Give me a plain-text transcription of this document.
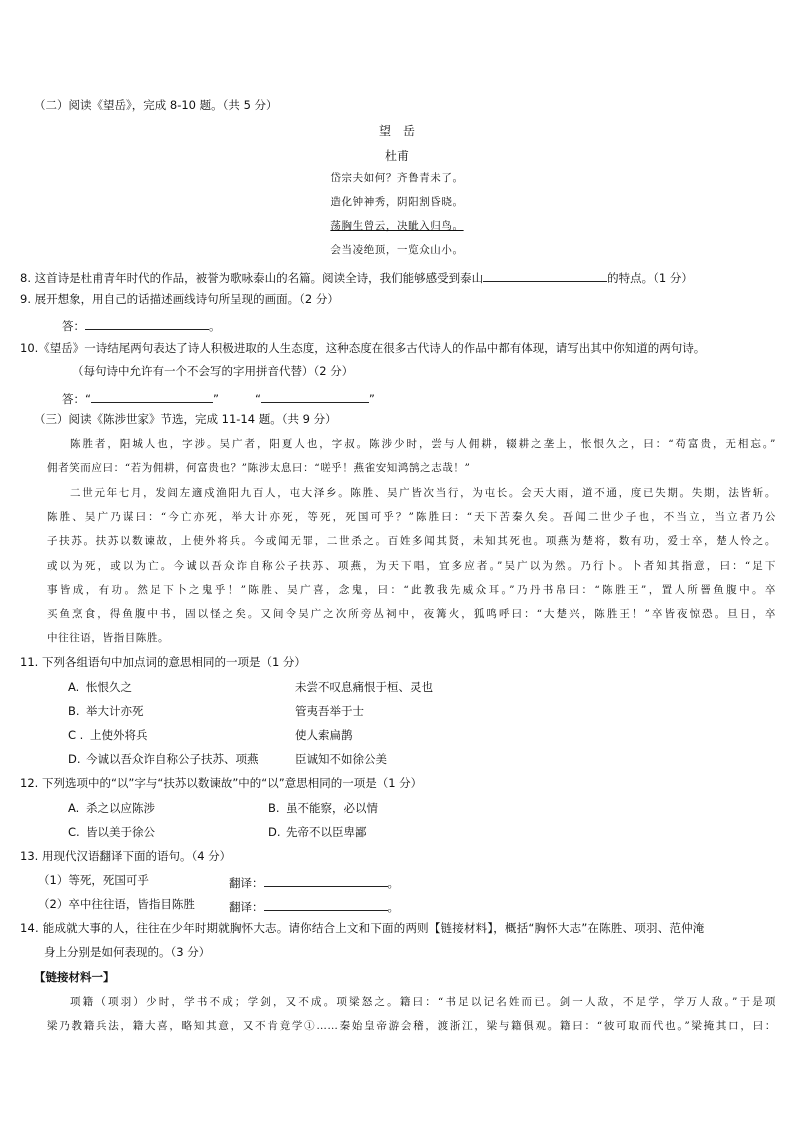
（二）阅读《望岳》，完成 8-10 题。（共 5 分）
望　岳
杜甫
岱宗夫如何？齐鲁青未了。
造化钟神秀，阴阳割昏晓。
荡胸生曾云，决眦入归鸟。
会当凌绝顶，一览众山小。
8. 这首诗是杜甫青年时代的作品，被誉为歌咏泰山的名篇。阅读全诗，我们能够感受到泰山	的特点。（1 分）
9. 展开想象，用自己的话描述画线诗句所呈现的画面。（2 分）
答：	。
10.《望岳》一诗结尾两句表达了诗人积极进取的人生态度，这种态度在很多古代诗人的作品中都有体现，请写出其中你知道的两句诗。
（每句诗中允许有一个不会写的字用拼音代替）（2 分）
答：“	”	“	”
（三）阅读《陈涉世家》节选，完成 11-14 题。（共 9 分）
陈胜者，阳城人也，字涉。吴广者，阳夏人也，字叔。陈涉少时，尝与人佣耕，辍耕之垄上，怅恨久之，曰：“苟富贵，无相忘。”
佣者笑而应曰：“若为佣耕，何富贵也？”陈涉太息曰：“嗟乎！燕雀安知鸿鹄之志哉！”
二世元年七月，发闾左適戍渔阳九百人，屯大泽乡。陈胜、吴广皆次当行，为屯长。会天大雨，道不通，度已失期。失期，法皆斩。
陈胜、吴广乃谋曰：“今亡亦死，举大计亦死，等死，死国可乎？”陈胜曰：“天下苦秦久矣。吾闻二世少子也，不当立，当立者乃公
子扶苏。扶苏以数谏故，上使外将兵。今或闻无罪，二世杀之。百姓多闻其贤，未知其死也。项燕为楚将，数有功，爱士卒，楚人怜之。
或以为死，或以为亡。今诚以吾众诈自称公子扶苏、项燕，为天下唱，宜多应者。”吴广以为然。乃行卜。卜者知其指意，曰：“足下
事皆成，有功。然足下卜之鬼乎！”陈胜、吴广喜，念鬼，曰：“此教我先威众耳。”乃丹书帛曰：“陈胜王”，置人所罾鱼腹中。卒
买鱼烹食，得鱼腹中书，固以怪之矣。又间令吴广之次所旁丛祠中，夜篝火，狐鸣呼曰：“大楚兴，陈胜王！”卒皆夜惊恐。旦日，卒
中往往语，皆指目陈胜。
11. 下列各组语句中加点词的意思相同的一项是（1 分）
A. 怅恨久之	未尝不叹息痛恨于桓、灵也
B. 举大计亦死	管夷吾举于士
C . 上使外将兵	使人索扁鹊
D. 今诚以吾众诈自称公子扶苏、项燕	臣诚知不如徐公美
12. 下列选项中的“以”字与“扶苏以数谏故”中的“以”意思相同的一项是（1 分）
A. 杀之以应陈涉	B. 虽不能察，必以情
C. 皆以美于徐公	D. 先帝不以臣卑鄙
13. 用现代汉语翻译下面的语句。（4 分）
（1）等死，死国可乎	翻译：	。
（2）卒中往往语，皆指目陈胜	翻译：	。
14. 能成就大事的人，往往在少年时期就胸怀大志。请你结合上文和下面的两则【链接材料】，概括“胸怀大志”在陈胜、项羽、范仲淹
身上分别是如何表现的。（3 分）
【链接材料一】
项籍（项羽）少时，学书不成；学剑，又不成。项梁怒之。籍曰：“书足以记名姓而已。剑一人敌，不足学，学万人敌。”于是项
梁乃教籍兵法，籍大喜，略知其意，又不肯竟学①……秦始皇帝游会稽，渡浙江，梁与籍俱观。籍曰：“彼可取而代也。”梁掩其口，曰：
